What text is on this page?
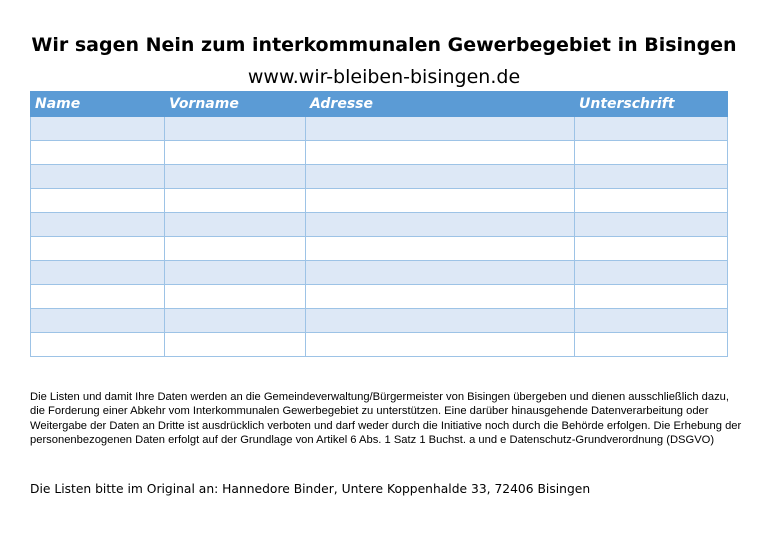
Wir sagen Nein zum interkommunalen Gewerbegebiet in Bisingen
www.wir-bleiben-bisingen.de
Name	Vorname	Adresse	Unterschrift

Die Listen und damit Ihre Daten werden an die Gemeindeverwaltung/Bürgermeister von Bisingen übergeben und dienen ausschließlich dazu, die Forderung einer Abkehr vom Interkommunalen Gewerbegebiet zu unterstützen. Eine darüber hinausgehende Datenverarbeitung oder Weitergabe der Daten an Dritte ist ausdrücklich verboten und darf weder durch die Initiative noch durch die Behörde erfolgen. Die Erhebung der personenbezogenen Daten erfolgt auf der Grundlage von Artikel 6 Abs. 1 Satz 1 Buchst. a und e Datenschutz-Grundverordnung (DSGVO)
Die Listen bitte im Original an: Hannedore Binder, Untere Koppenhalde 33, 72406 Bisingen
